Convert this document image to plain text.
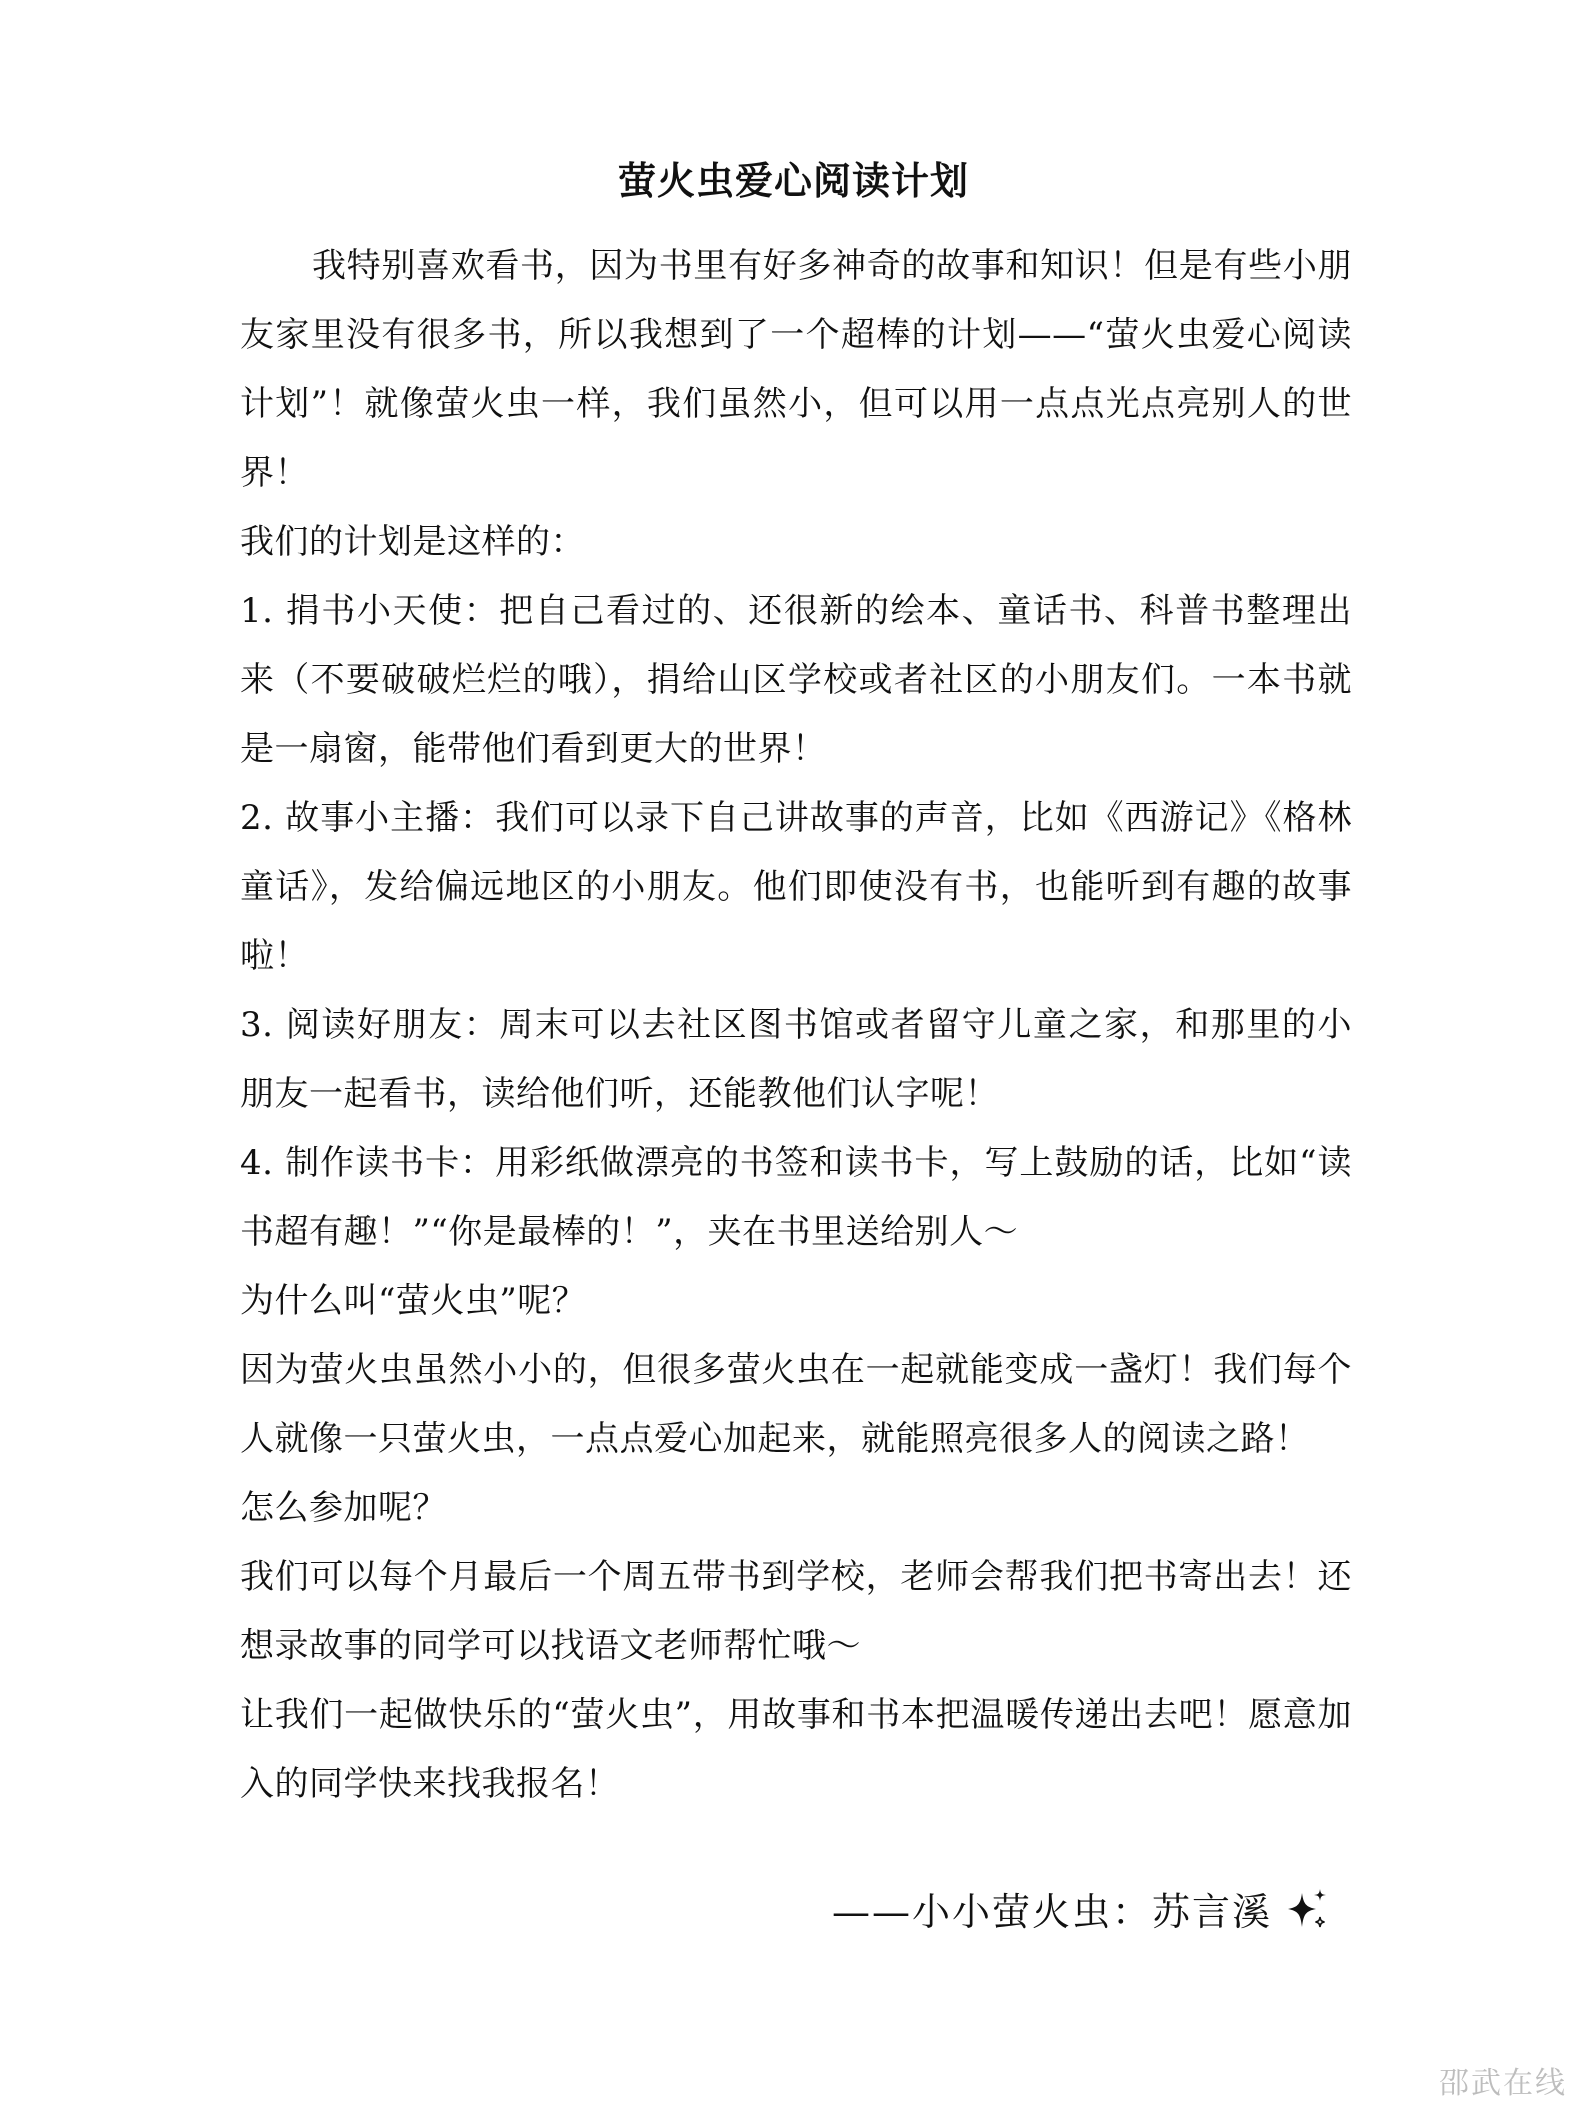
萤火虫爱心阅读计划

我特别喜欢看书，因为书里有好多神奇的故事和知识！但是有些小朋友家里没有很多书，所以我想到了一个超棒的计划——“萤火虫爱心阅读计划”！就像萤火虫一样，我们虽然小，但可以用一点点光点亮别人的世界！

我们的计划是这样的：

1. 捐书小天使：把自己看过的、还很新的绘本、童话书、科普书整理出来（不要破破烂烂的哦），捐给山区学校或者社区的小朋友们。一本书就是一扇窗，能带他们看到更大的世界！

2. 故事小主播：我们可以录下自己讲故事的声音，比如《西游记》《格林童话》，发给偏远地区的小朋友。他们即使没有书，也能听到有趣的故事啦！

3. 阅读好朋友：周末可以去社区图书馆或者留守儿童之家，和那里的小朋友一起看书，读给他们听，还能教他们认字呢！

4. 制作读书卡：用彩纸做漂亮的书签和读书卡，写上鼓励的话，比如“读书超有趣！”“你是最棒的！”，夹在书里送给别人～

为什么叫“萤火虫”呢？

因为萤火虫虽然小小的，但很多萤火虫在一起就能变成一盏灯！我们每个人就像一只萤火虫，一点点爱心加起来，就能照亮很多人的阅读之路！

怎么参加呢？

我们可以每个月最后一个周五带书到学校，老师会帮我们把书寄出去！还想录故事的同学可以找语文老师帮忙哦～

让我们一起做快乐的“萤火虫”，用故事和书本把温暖传递出去吧！愿意加入的同学快来找我报名！

——小小萤火虫：苏言溪
邵武在线
